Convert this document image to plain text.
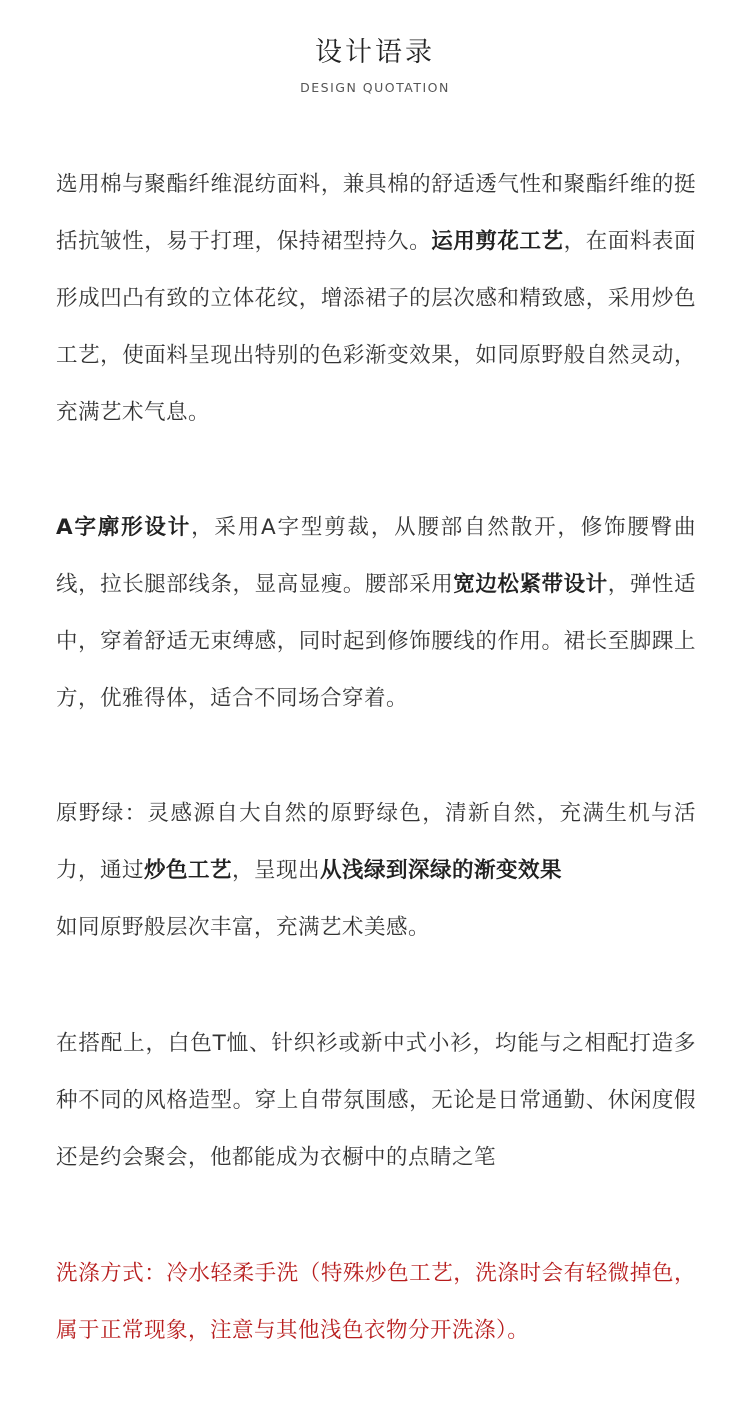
设计语录
DESIGN QUOTATION
选用棉与聚酯纤维混纺面料，兼具棉的舒适透气性和聚酯纤维的挺括抗皱性，易于打理，保持裙型持久。运用剪花工艺，在面料表面形成凹凸有致的立体花纹，增添裙子的层次感和精致感，采用炒色工艺，使面料呈现出特别的色彩渐变效果，如同原野般自然灵动，充满艺术气息。
A字廓形设计，采用A字型剪裁，从腰部自然散开，修饰腰臀曲线，拉长腿部线条，显高显瘦。腰部采用宽边松紧带设计，弹性适中，穿着舒适无束缚感，同时起到修饰腰线的作用。裙长至脚踝上方，优雅得体，适合不同场合穿着。
原野绿：灵感源自大自然的原野绿色，清新自然，充满生机与活力，通过炒色工艺，呈现出从浅绿到深绿的渐变效果
如同原野般层次丰富，充满艺术美感。
在搭配上，白色T恤、针织衫或新中式小衫，均能与之相配打造多种不同的风格造型。穿上自带氛围感，无论是日常通勤、休闲度假还是约会聚会，他都能成为衣橱中的点睛之笔
洗涤方式：冷水轻柔手洗（特殊炒色工艺，洗涤时会有轻微掉色，属于正常现象，注意与其他浅色衣物分开洗涤）。
